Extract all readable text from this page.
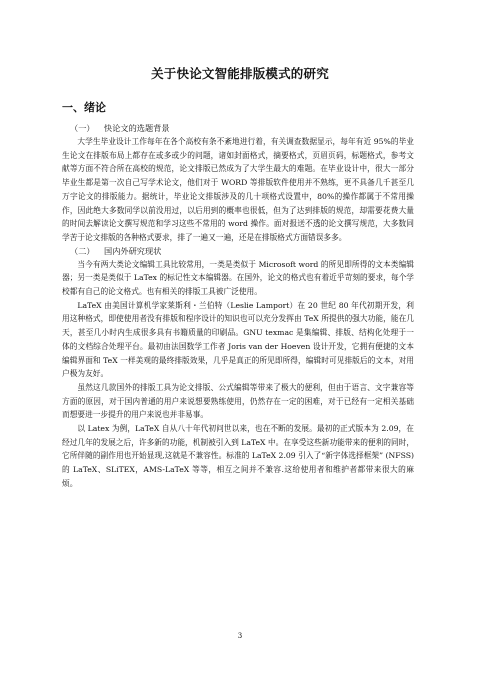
关于快论文智能排版模式的研究
一、绪论
（一） 快论文的选题背景

大学生毕业设计工作每年在各个高校有条不紊地进行着，有关调查数据显示，每年有近 95%的毕业生论文在排版布局上都存在或多或少的问题，诸如封面格式，摘要格式，页眉页码，标题格式，参考文献等方面不符合所在高校的规范，论文排版已然成为了大学生最大的难题。在毕业设计中，很大一部分毕业生都是第一次自己写学术论文，他们对于 WORD 等排版软件使用并不熟练，更不具备几千甚至几万字论文的排版能力。据统计，毕业论文排版涉及的几十项格式设置中，80%的操作都属于不常用操作，因此绝大多数同学以前没用过，以后用到的概率也很低，但为了达到排版的规范，却需要花费大量的时间去解读论文撰写规范和学习这些不常用的 word 操作。面对报送不透的论文撰写规范，大多数同学苦于论文排版的各种格式要求，排了一遍又一遍，还是在排版格式方面错误多多。

（二） 国内外研究现状

当今有两大类论文编辑工具比较常用，一类是类似于 Microsoft word 的所见即所得的文本类编辑器；另一类是类似于 LaTex 的标记性文本编辑器。在国外，论文的格式也有着近乎苛刻的要求，每个学校都有自己的论文格式。也有相关的排版工具被广泛使用。

LaTeX 由美国计算机学家莱斯利・兰伯特（Leslie Lamport）在 20 世纪 80 年代初期开发，利用这种格式，即使使用者没有排版和程序设计的知识也可以充分发挥由 TeX 所提供的强大功能，能在几天，甚至几小时内生成很多具有书籍质量的印刷品。GNU texmac 是集编辑、排版、结构化处理于一体的文档综合处理平台。最初由法国数学工作者 Joris van der Hoeven 设计开发，它拥有便捷的文本编辑界面和 TeX 一样美观的最终排版效果，几乎是真正的所见即所得，编辑时可见排版后的文本，对用户极为友好。

虽然这几款国外的排版工具为论文排版、公式编辑等带来了极大的便利，但由于语言、文字兼容等方面的原因，对于国内普通的用户来说想要熟练使用，仍然存在一定的困难，对于已经有一定相关基础而想要进一步提升的用户来说也并非易事。

以 Latex 为例，LaTeX 自从八十年代初问世以来，也在不断的发展。最初的正式版本为 2.09，在经过几年的发展之后，许多新的功能，机制被引入到 LaTeX 中。在享受这些新功能带来的便利的同时，它所伴随的副作用也开始显现,这就是不兼容性。标准的 LaTeX 2.09 引入了“新字体选择框架” (NFSS)的 LaTeX、SLiTEX，AMS-LaTeX 等等，相互之间并不兼容.这给使用者和维护者都带来很大的麻烦。

3
